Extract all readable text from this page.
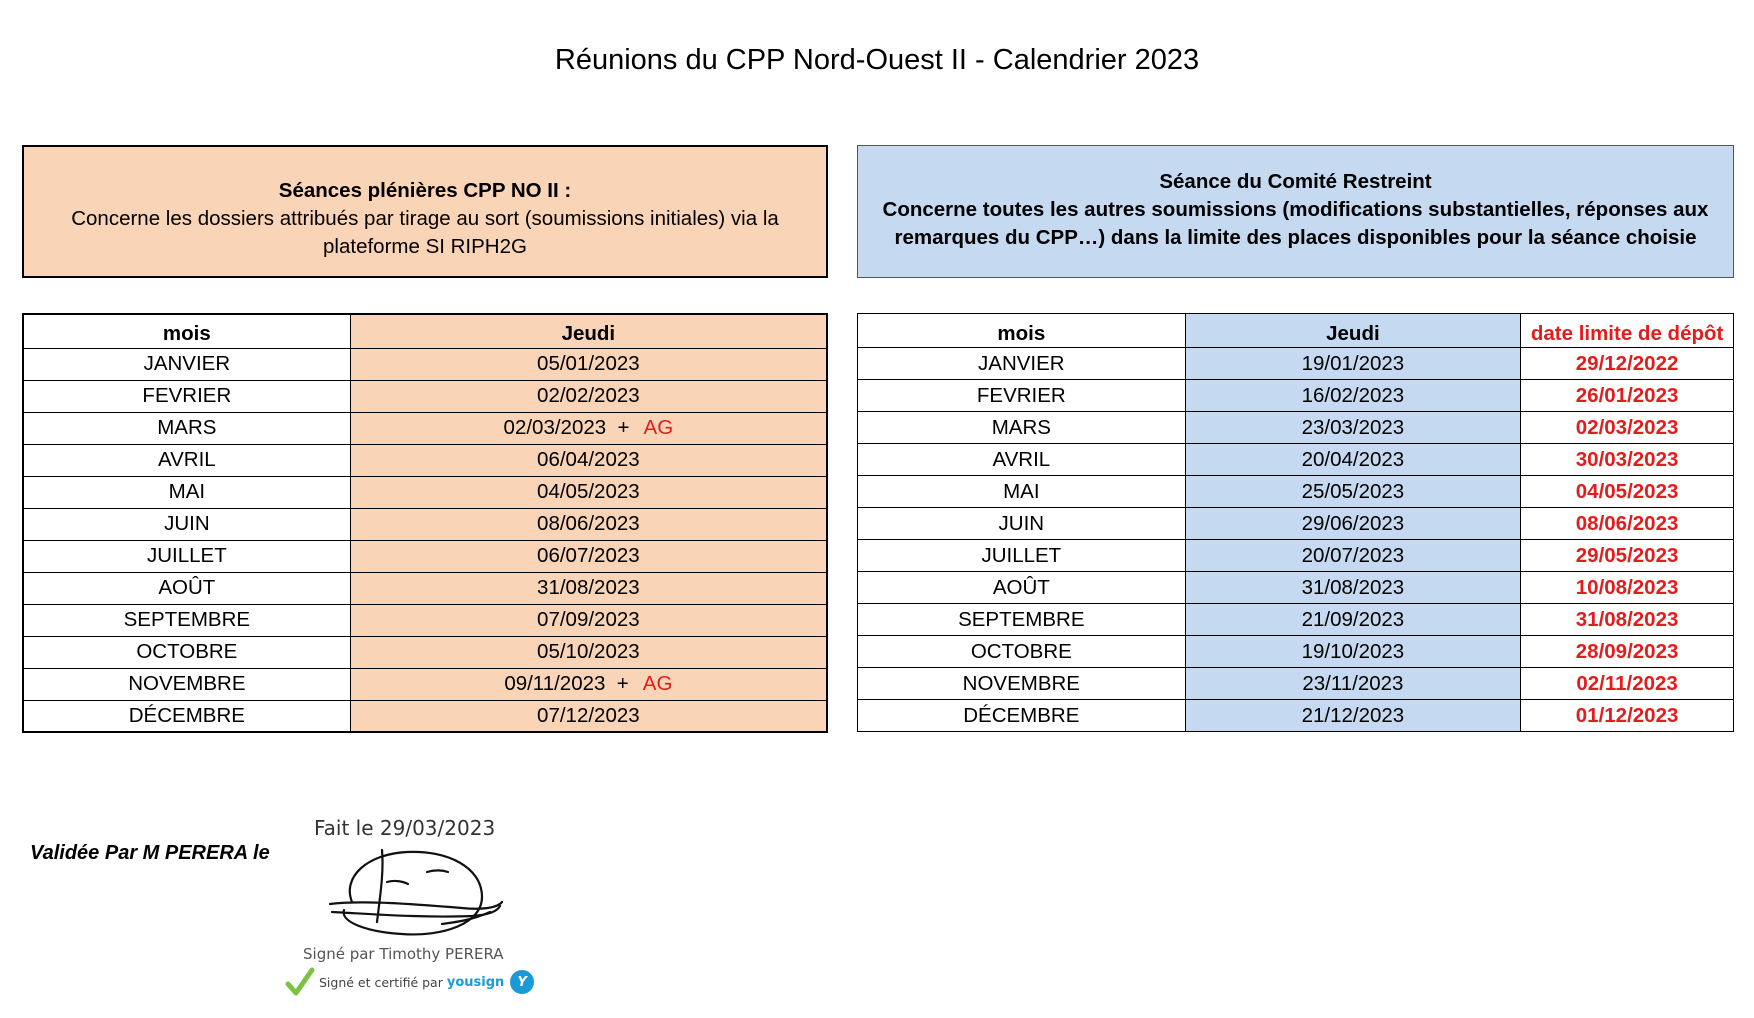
Réunions du CPP Nord-Ouest II - Calendrier 2023
Séances plénières CPP NO II :
Concerne les dossiers attribués par tirage au sort (soumissions initiales) via la
plateforme SI RIPH2G
Séance du Comité Restreint
Concerne toutes les autres soumissions (modifications substantielles, réponses aux
remarques du CPP…) dans la limite des places disponibles pour la séance choisie
mois	Jeudi
JANVIER	05/01/2023
FEVRIER	02/02/2023
MARS	02/03/2023  + AG
AVRIL	06/04/2023
MAI	04/05/2023
JUIN	08/06/2023
JUILLET	06/07/2023
AOÛT	31/08/2023
SEPTEMBRE	07/09/2023
OCTOBRE	05/10/2023
NOVEMBRE	09/11/2023  + AG
DÉCEMBRE	07/12/2023
mois	Jeudi	date limite de dépôt
JANVIER	19/01/2023	29/12/2022
FEVRIER	16/02/2023	26/01/2023
MARS	23/03/2023	02/03/2023
AVRIL	20/04/2023	30/03/2023
MAI	25/05/2023	04/05/2023
JUIN	29/06/2023	08/06/2023
JUILLET	20/07/2023	29/05/2023
AOÛT	31/08/2023	10/08/2023
SEPTEMBRE	21/09/2023	31/08/2023
OCTOBRE	19/10/2023	28/09/2023
NOVEMBRE	23/11/2023	02/11/2023
DÉCEMBRE	21/12/2023	01/12/2023
Validée Par M PERERA le
Fait le 29/03/2023
Signé par Timothy PERERA
Signé et certifié par yousign	Y
